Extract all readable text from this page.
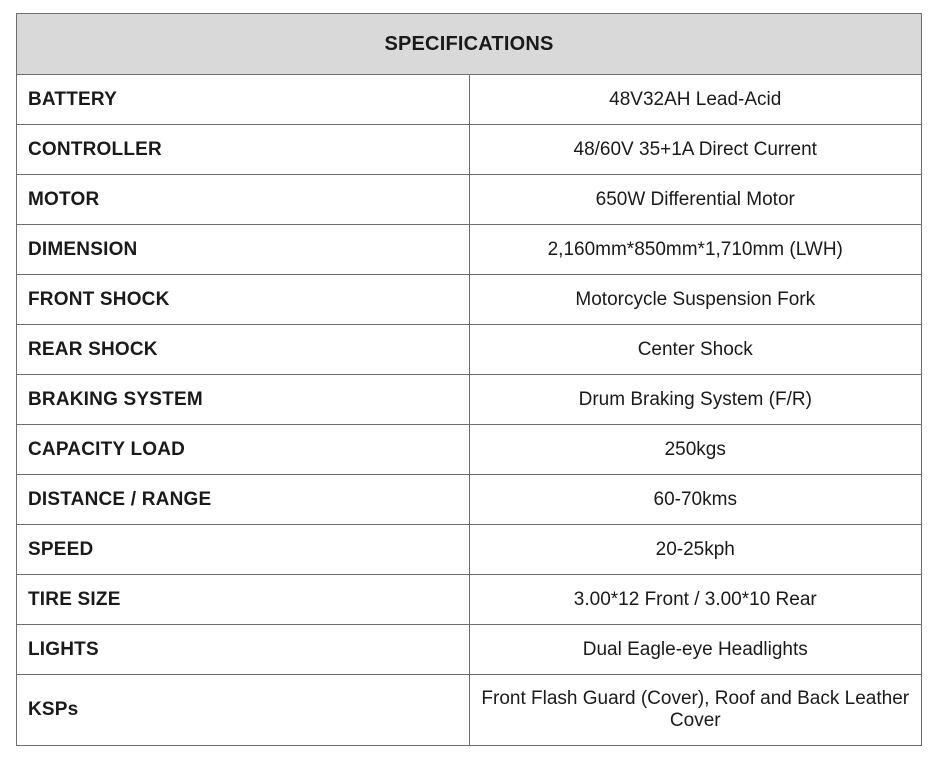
SPECIFICATIONS	
BATTERY	48V32AH Lead-Acid
CONTROLLER	48/60V 35+1A Direct Current
MOTOR	650W Differential Motor
DIMENSION	2,160mm*850mm*1,710mm (LWH)
FRONT SHOCK	Motorcycle Suspension Fork
REAR SHOCK	Center Shock
BRAKING SYSTEM	Drum Braking System (F/R)
CAPACITY LOAD	250kgs
DISTANCE / RANGE	60-70kms
SPEED	20-25kph
TIRE SIZE	3.00*12 Front / 3.00*10 Rear
LIGHTS	Dual Eagle-eye Headlights
KSPs	Front Flash Guard (Cover), Roof and Back Leather Cover
